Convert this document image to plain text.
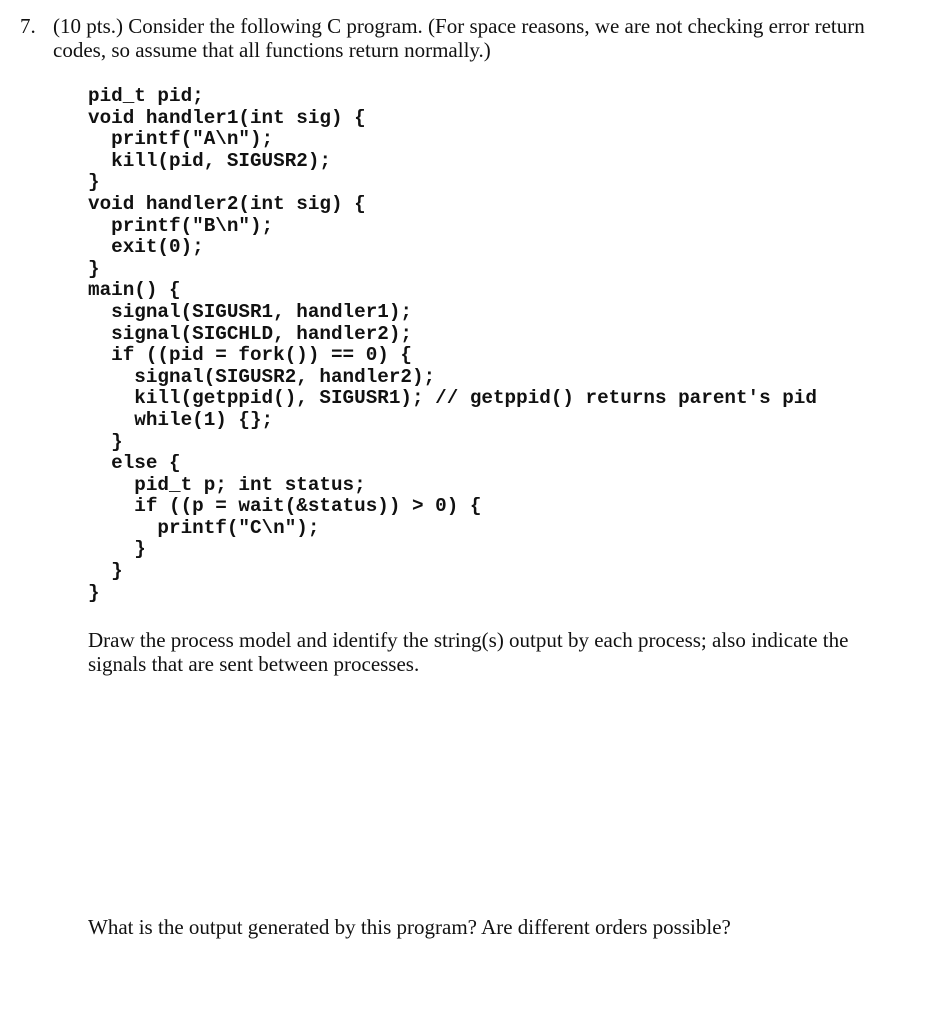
7. (10 pts.) Consider the following C program. (For space reasons, we are not checking error return codes, so assume that all functions return normally.)

pid_t pid;
void handler1(int sig) {
printf("A\n");
kill(pid, SIGUSR2);
}
void handler2(int sig) {
printf("B\n");
exit(0);
}
main() {
signal(SIGUSR1, handler1);
signal(SIGCHLD, handler2);
if ((pid = fork()) == 0) {
signal(SIGUSR2, handler2);
kill(getppid(), SIGUSR1); // getppid() returns parent's pid
while(1) {};
}
else {
pid_t p; int status;
if ((p = wait(&status)) > 0) {
printf("C\n");
}
}
}

Draw the process model and identify the string(s) output by each process; also indicate the signals that are sent between processes.

What is the output generated by this program? Are different orders possible?
